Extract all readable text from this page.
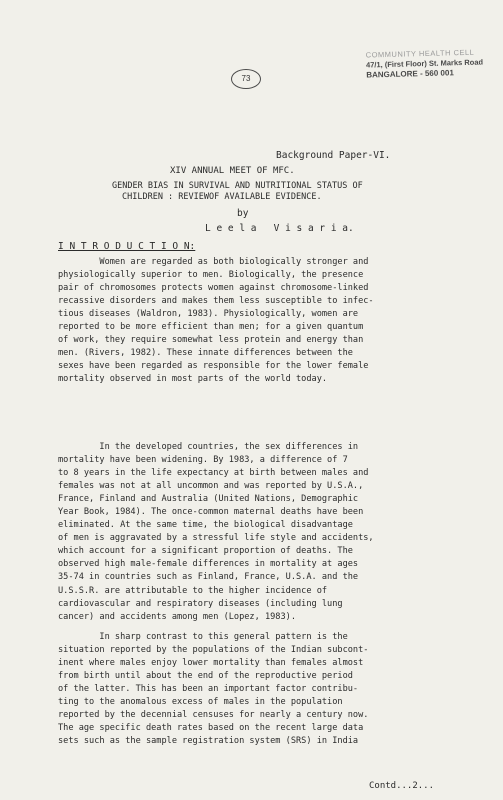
COMMUNITY HEALTH CELL
47/1, (First Floor) St. Marks Road
BANGALORE - 560 001
73
Background Paper-VI.
XIV ANNUAL MEET OF MFC.
GENDER BIAS IN SURVIVAL AND NUTRITIONAL STATUS OF
CHILDREN : REVIEWOF AVAILABLE EVIDENCE.
by
L e e l a   V i s a r i a.
I N T R O D U C T I O N:
Women are regarded as both biologically stronger and
physiologically superior to men. Biologically, the presence
pair of chromosomes protects women against chromosome-linked
recassive disorders and makes them less susceptible to infec-
tious diseases (Waldron, 1983). Physiologically, women are
reported to be more efficient than men; for a given quantum
of work, they require somewhat less protein and energy than
men. (Rivers, 1982). These innate differences between the
sexes have been regarded as responsible for the lower female
mortality observed in most parts of the world today.
In the developed countries, the sex differences in
mortality have been widening. By 1983, a difference of 7
to 8 years in the life expectancy at birth between males and
females was not at all uncommon and was reported by U.S.A.,
France, Finland and Australia (United Nations, Demographic
Year Book, 1984). The once-common maternal deaths have been
eliminated. At the same time, the biological disadvantage
of men is aggravated by a stressful life style and accidents,
which account for a significant proportion of deaths. The
observed high male-female differences in mortality at ages
35-74 in countries such as Finland, France, U.S.A. and the
U.S.S.R. are attributable to the higher incidence of
cardiovascular and respiratory diseases (including lung
cancer) and accidents among men (Lopez, 1983).
In sharp contrast to this general pattern is the
situation reported by the populations of the Indian subcont-
inent where males enjoy lower mortality than females almost
from birth until about the end of the reproductive period
of the latter. This has been an important factor contribu-
ting to the anomalous excess of males in the population
reported by the decennial censuses for nearly a century now.
The age specific death rates based on the recent large data
sets such as the sample registration system (SRS) in India
Contd...2...
